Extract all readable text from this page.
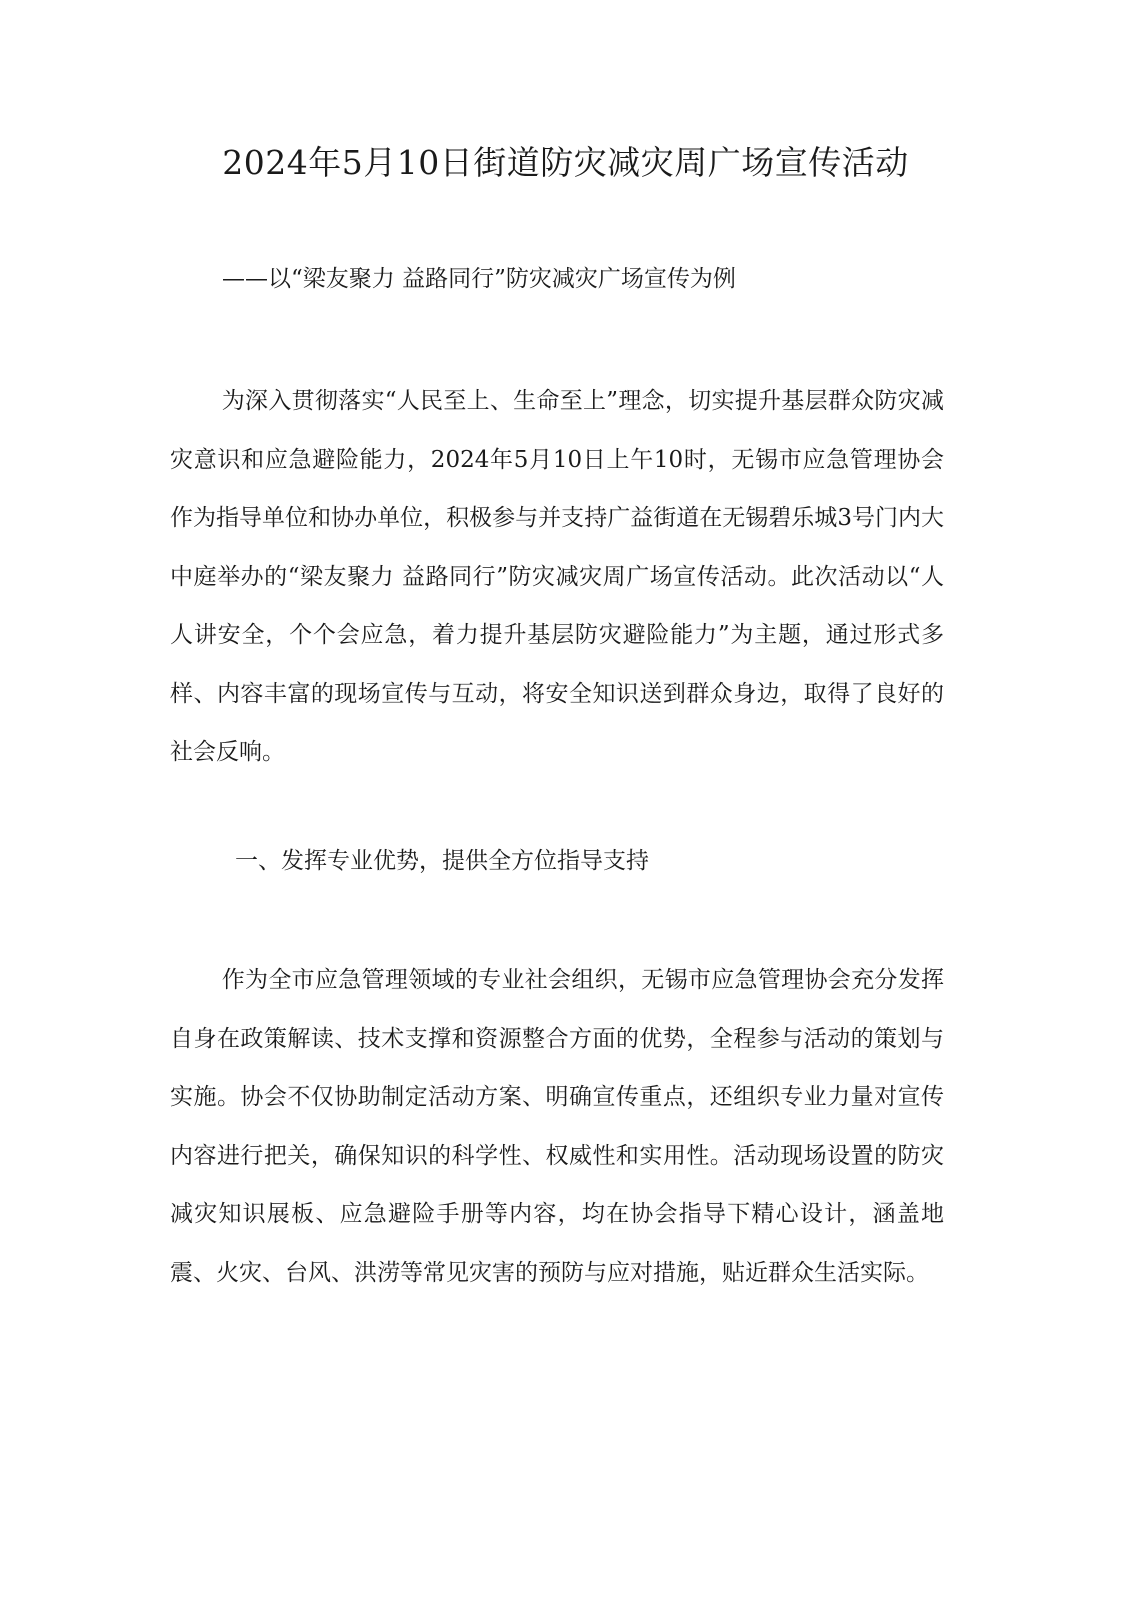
2024年5月10日街道防灾减灾周广场宣传活动

——以“梁友聚力 益路同行”防灾减灾广场宣传为例

为深入贯彻落实“人民至上、生命至上”理念，切实提升基层群众防灾减灾意识和应急避险能力，2024年5月10日上午10时，无锡市应急管理协会作为指导单位和协办单位，积极参与并支持广益街道在无锡碧乐城3号门内大中庭举办的“梁友聚力 益路同行”防灾减灾周广场宣传活动。此次活动以“人人讲安全，个个会应急，着力提升基层防灾避险能力”为主题，通过形式多样、内容丰富的现场宣传与互动，将安全知识送到群众身边，取得了良好的社会反响。

一、发挥专业优势，提供全方位指导支持

作为全市应急管理领域的专业社会组织，无锡市应急管理协会充分发挥自身在政策解读、技术支撑和资源整合方面的优势，全程参与活动的策划与实施。协会不仅协助制定活动方案、明确宣传重点，还组织专业力量对宣传内容进行把关，确保知识的科学性、权威性和实用性。活动现场设置的防灾减灾知识展板、应急避险手册等内容，均在协会指导下精心设计，涵盖地震、火灾、台风、洪涝等常见灾害的预防与应对措施，贴近群众生活实际。
